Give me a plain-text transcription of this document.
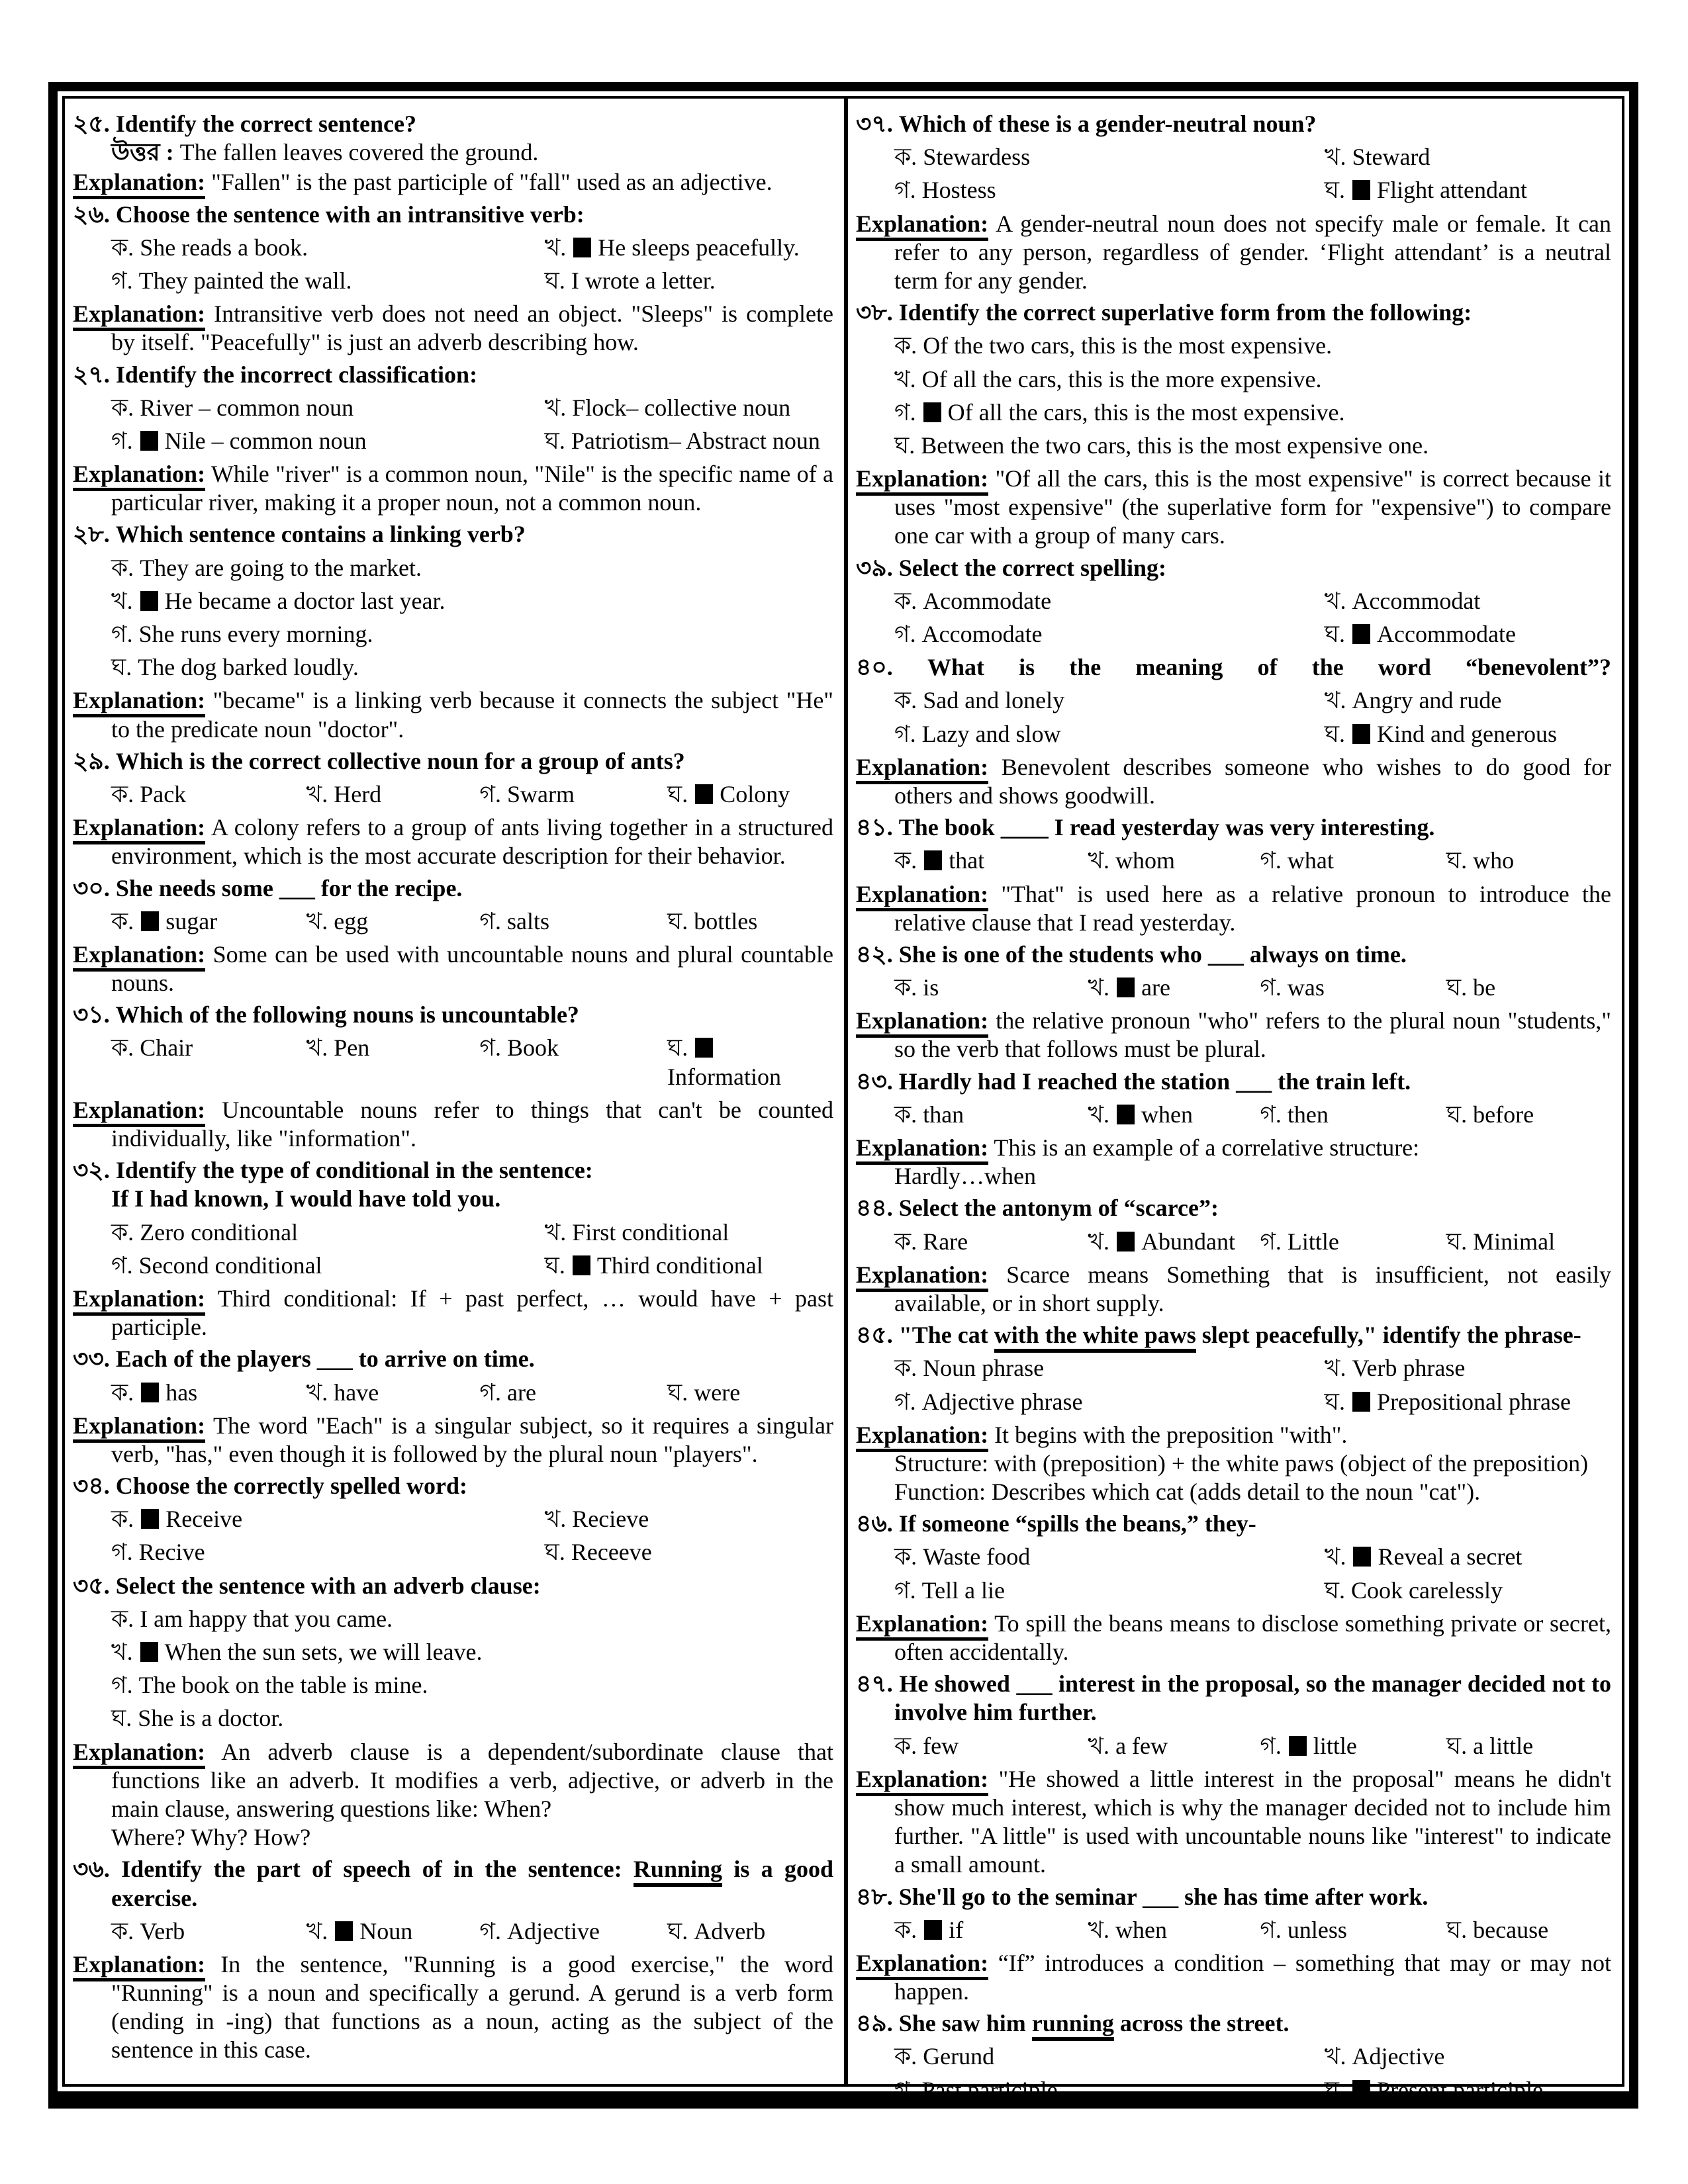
২৫. Identify the correct sentence?
উত্তর : The fallen leaves covered the ground.
Explanation: "Fallen" is the past participle of "fall" used as an adjective.
২৬. Choose the sentence with an intransitive verb:
ক. She reads a book.	খ. He sleeps peacefully.
গ. They painted the wall.	ঘ. I wrote a letter.
Explanation: Intransitive verb does not need an object. "Sleeps" is complete by itself. "Peacefully" is just an adverb describing how.
২৭. Identify the incorrect classification:
ক. River – common noun	খ. Flock– collective noun
গ. Nile – common noun	ঘ. Patriotism– Abstract noun
Explanation: While "river" is a common noun, "Nile" is the specific name of a particular river, making it a proper noun, not a common noun.
২৮. Which sentence contains a linking verb?
ক. They are going to the market.
খ. He became a doctor last year.
গ. She runs every morning.
ঘ. The dog barked loudly.
Explanation: "became" is a linking verb because it connects the subject "He" to the predicate noun "doctor".
২৯. Which is the correct collective noun for a group of ants?
ক. Pack	খ. Herd	গ. Swarm	ঘ. Colony
Explanation: A colony refers to a group of ants living together in a structured environment, which is the most accurate description for their behavior.
৩০. She needs some ___ for the recipe.
ক. sugar	খ. egg	গ. salts	ঘ. bottles
Explanation: Some can be used with uncountable nouns and plural countable nouns.
৩১. Which of the following nouns is uncountable?
ক. Chair	খ. Pen	গ. Book	ঘ. Information
Explanation: Uncountable nouns refer to things that can't be counted individually, like "information".
৩২. Identify the type of conditional in the sentence:
If I had known, I would have told you.
ক. Zero conditional	খ. First conditional
গ. Second conditional	ঘ. Third conditional
Explanation: Third conditional: If + past perfect, … would have + past participle.
৩৩. Each of the players ___ to arrive on time.
ক. has	খ. have	গ. are	ঘ. were
Explanation: The word "Each" is a singular subject, so it requires a singular verb, "has," even though it is followed by the plural noun "players".
৩৪. Choose the correctly spelled word:
ক. Receive	খ. Recieve
গ. Recive	ঘ. Receeve
৩৫. Select the sentence with an adverb clause:
ক. I am happy that you came.
খ. When the sun sets, we will leave.
গ. The book on the table is mine.
ঘ. She is a doctor.
Explanation: An adverb clause is a dependent/subordinate clause that functions like an adverb. It modifies a verb, adjective, or adverb in the main clause, answering questions like: When?
Where? Why? How?
৩৬. Identify the part of speech of in the sentence: Running is a good exercise.
ক. Verb	খ. Noun	গ. Adjective	ঘ. Adverb
Explanation: In the sentence, "Running is a good exercise," the word "Running" is a noun and specifically a gerund. A gerund is a verb form (ending in -ing) that functions as a noun, acting as the subject of the sentence in this case.
৩৭. Which of these is a gender-neutral noun?
ক. Stewardess	খ. Steward
গ. Hostess	ঘ. Flight attendant
Explanation: A gender-neutral noun does not specify male or female. It can refer to any person, regardless of gender. ‘Flight attendant’ is a neutral term for any gender.
৩৮. Identify the correct superlative form from the following:
ক. Of the two cars, this is the most expensive.
খ. Of all the cars, this is the more expensive.
গ. Of all the cars, this is the most expensive.
ঘ. Between the two cars, this is the most expensive one.
Explanation: "Of all the cars, this is the most expensive" is correct because it uses "most expensive" (the superlative form for "expensive") to compare one car with a group of many cars.
৩৯. Select the correct spelling:
ক. Acommodate	খ. Accommodat
গ. Accomodate	ঘ. Accommodate
৪০. What is the meaning of the word “benevolent”?
ক. Sad and lonely	খ. Angry and rude
গ. Lazy and slow	ঘ. Kind and generous
Explanation: Benevolent describes someone who wishes to do good for others and shows goodwill.
৪১. The book ____ I read yesterday was very interesting.
ক. that	খ. whom	গ. what	ঘ. who
Explanation: "That" is used here as a relative pronoun to introduce the relative clause that I read yesterday.
৪২. She is one of the students who ___ always on time.
ক. is	খ. are	গ. was	ঘ. be
Explanation: the relative pronoun "who" refers to the plural noun "students," so the verb that follows must be plural.
৪৩. Hardly had I reached the station ___ the train left.
ক. than	খ. when	গ. then	ঘ. before
Explanation: This is an example of a correlative structure:
Hardly…when
৪৪. Select the antonym of “scarce”:
ক. Rare	খ. Abundant	গ. Little	ঘ. Minimal
Explanation: Scarce means Something that is insufficient, not easily available, or in short supply.
৪৫. "The cat with the white paws slept peacefully," identify the phrase-
ক. Noun phrase	খ. Verb phrase
গ. Adjective phrase	ঘ. Prepositional phrase
Explanation: It begins with the preposition "with".
Structure: with (preposition) + the white paws (object of the preposition)
Function: Describes which cat (adds detail to the noun "cat").
৪৬. If someone “spills the beans,” they-
ক. Waste food	খ. Reveal a secret
গ. Tell a lie	ঘ. Cook carelessly
Explanation: To spill the beans means to disclose something private or secret, often accidentally.
৪৭. He showed ___ interest in the proposal, so the manager decided not to involve him further.
ক. few	খ. a few	গ. little	ঘ. a little
Explanation: "He showed a little interest in the proposal" means he didn't show much interest, which is why the manager decided not to include him further. "A little" is used with uncountable nouns like "interest" to indicate a small amount.
৪৮. She'll go to the seminar ___ she has time after work.
ক. if	খ. when	গ. unless	ঘ. because
Explanation: “If” introduces a condition – something that may or may not happen.
৪৯. She saw him running across the street.
ক. Gerund	খ. Adjective
গ. Past participle	ঘ. Present participle
